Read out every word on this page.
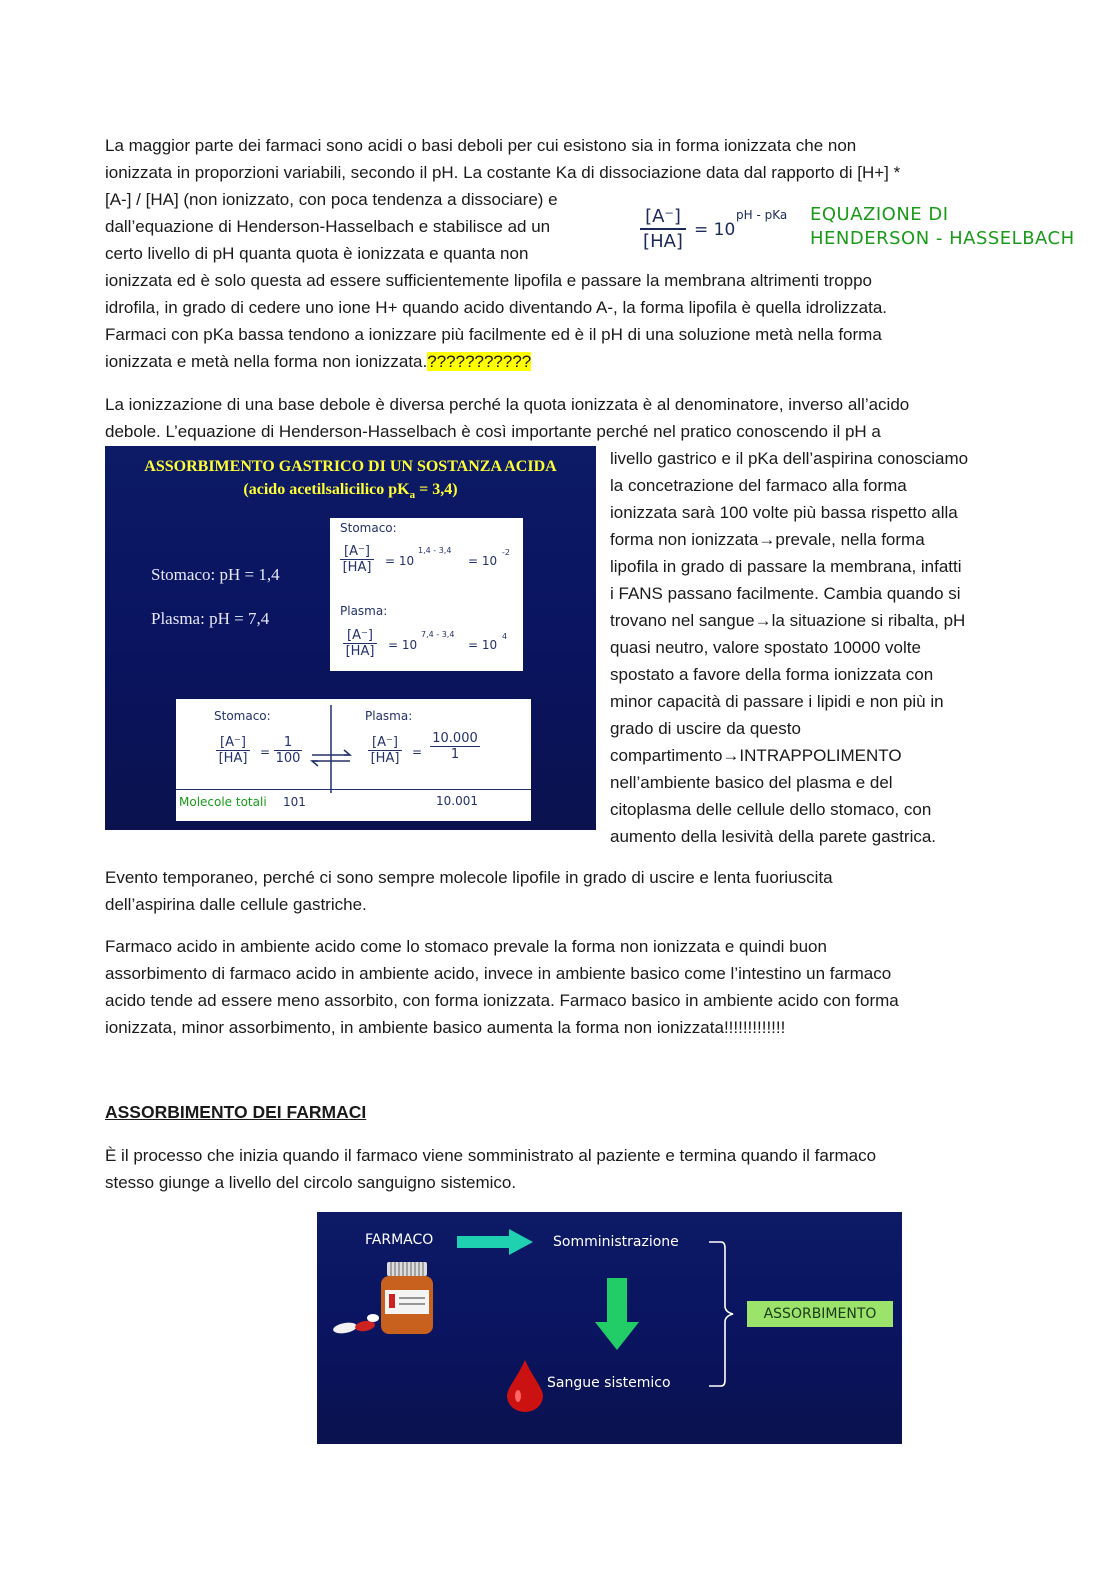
La maggior parte dei farmaci sono acidi o basi deboli per cui esistono sia in forma ionizzata che non
ionizzata in proporzioni variabili, secondo il pH. La costante Ka di dissociazione data dal rapporto di [H+] *
[A-] / [HA] (non ionizzato, con poca tendenza a dissociare) e
dall’equazione di Henderson-Hasselbach e stabilisce ad un
certo livello di pH quanta quota è ionizzata e quanta non
ionizzata ed è solo questa ad essere sufficientemente lipofila e passare la membrana altrimenti troppo
idrofila, in grado di cedere uno ione H+ quando acido diventando A-, la forma lipofila è quella idrolizzata.
Farmaci con pKa bassa tendono a ionizzare più facilmente ed è il pH di una soluzione metà nella forma
ionizzata e metà nella forma non ionizzata.???????????

[A⁻]
[HA]
= 10
pH - pKa EQUAZIONE DI
HENDERSON - HASSELBACH

La ionizzazione di una base debole è diversa perché la quota ionizzata è al denominatore, inverso all’acido
debole. L’equazione di Henderson-Hasselbach è così importante perché nel pratico conoscendo il pH a

livello gastrico e il pKa dell’aspirina conosciamo
la concetrazione del farmaco alla forma
ionizzata sarà 100 volte più bassa rispetto alla
forma non ionizzata→prevale, nella forma
lipofila in grado di passare la membrana, infatti
i FANS passano facilmente. Cambia quando si
trovano nel sangue→la situazione si ribalta, pH
quasi neutro, valore spostato 10000 volte
spostato a favore della forma ionizzata con
minor capacità di passare i lipidi e non più in
grado di uscire da questo
compartimento→INTRAPPOLIMENTO
nell’ambiente basico del plasma e del
citoplasma delle cellule dello stomaco, con
aumento della lesività della parete gastrica.

ASSORBIMENTO GASTRICO DI UN SOSTANZA ACIDA
(acido acetilsalicilico $pK_a = 3,4$)
Stomaco: pH = 1,4
Plasma: pH = 7,4
Stomaco:
[A⁻]
[HA] = 10
1,4 - 3,4
= 10
-2
Plasma:
[A⁻]
[HA] = 10
7,4 - 3,4
= 10
4
Stomaco:	Plasma:
[A⁻]
[HA] =
1
100
[A⁻]
[HA] =
10.000
1
Molecole totali 101	10.001

Evento temporaneo, perché ci sono sempre molecole lipofile in grado di uscire e lenta fuoriuscita
dell’aspirina dalle cellule gastriche.

Farmaco acido in ambiente acido come lo stomaco prevale la forma non ionizzata e quindi buon
assorbimento di farmaco acido in ambiente acido, invece in ambiente basico come l’intestino un farmaco
acido tende ad essere meno assorbito, con forma ionizzata. Farmaco basico in ambiente acido con forma
ionizzata, minor assorbimento, in ambiente basico aumenta la forma non ionizzata!!!!!!!!!!!!!

ASSORBIMENTO DEI FARMACI

È il processo che inizia quando il farmaco viene somministrato al paziente e termina quando il farmaco
stesso giunge a livello del circolo sanguigno sistemico.

FARMACO	Somministrazione
Sangue sistemico
ASSORBIMENTO
